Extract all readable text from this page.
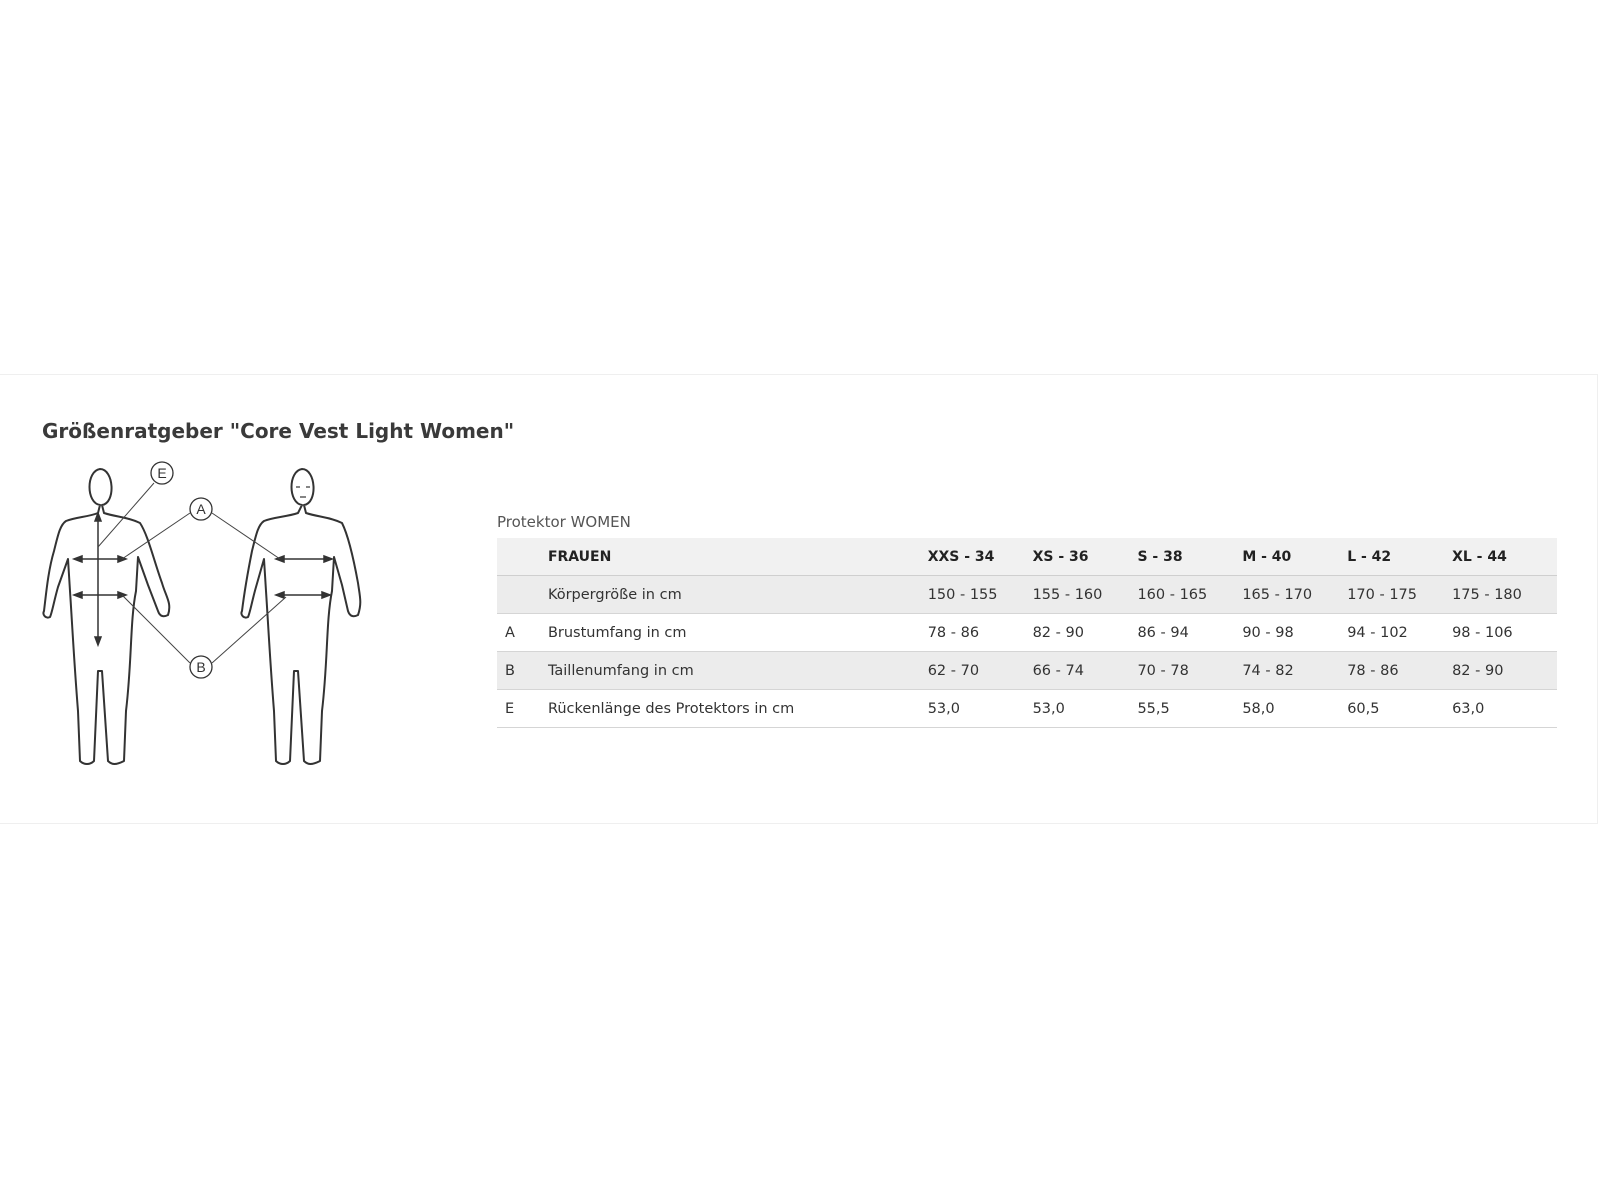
Größenratgeber "Core Vest Light Women"
E
A
B
Protektor WOMEN
	FRAUEN	XXS - 34	XS - 36	S - 38	M - 40	L - 42	XL - 44
	Körpergröße in cm	150 - 155	155 - 160	160 - 165	165 - 170	170 - 175	175 - 180
A	Brustumfang in cm	78 - 86	82 - 90	86 - 94	90 - 98	94 - 102	98 - 106
B	Taillenumfang in cm	62 - 70	66 - 74	70 - 78	74 - 82	78 - 86	82 - 90
E	Rückenlänge des Protektors in cm	53,0	53,0	55,5	58,0	60,5	63,0
